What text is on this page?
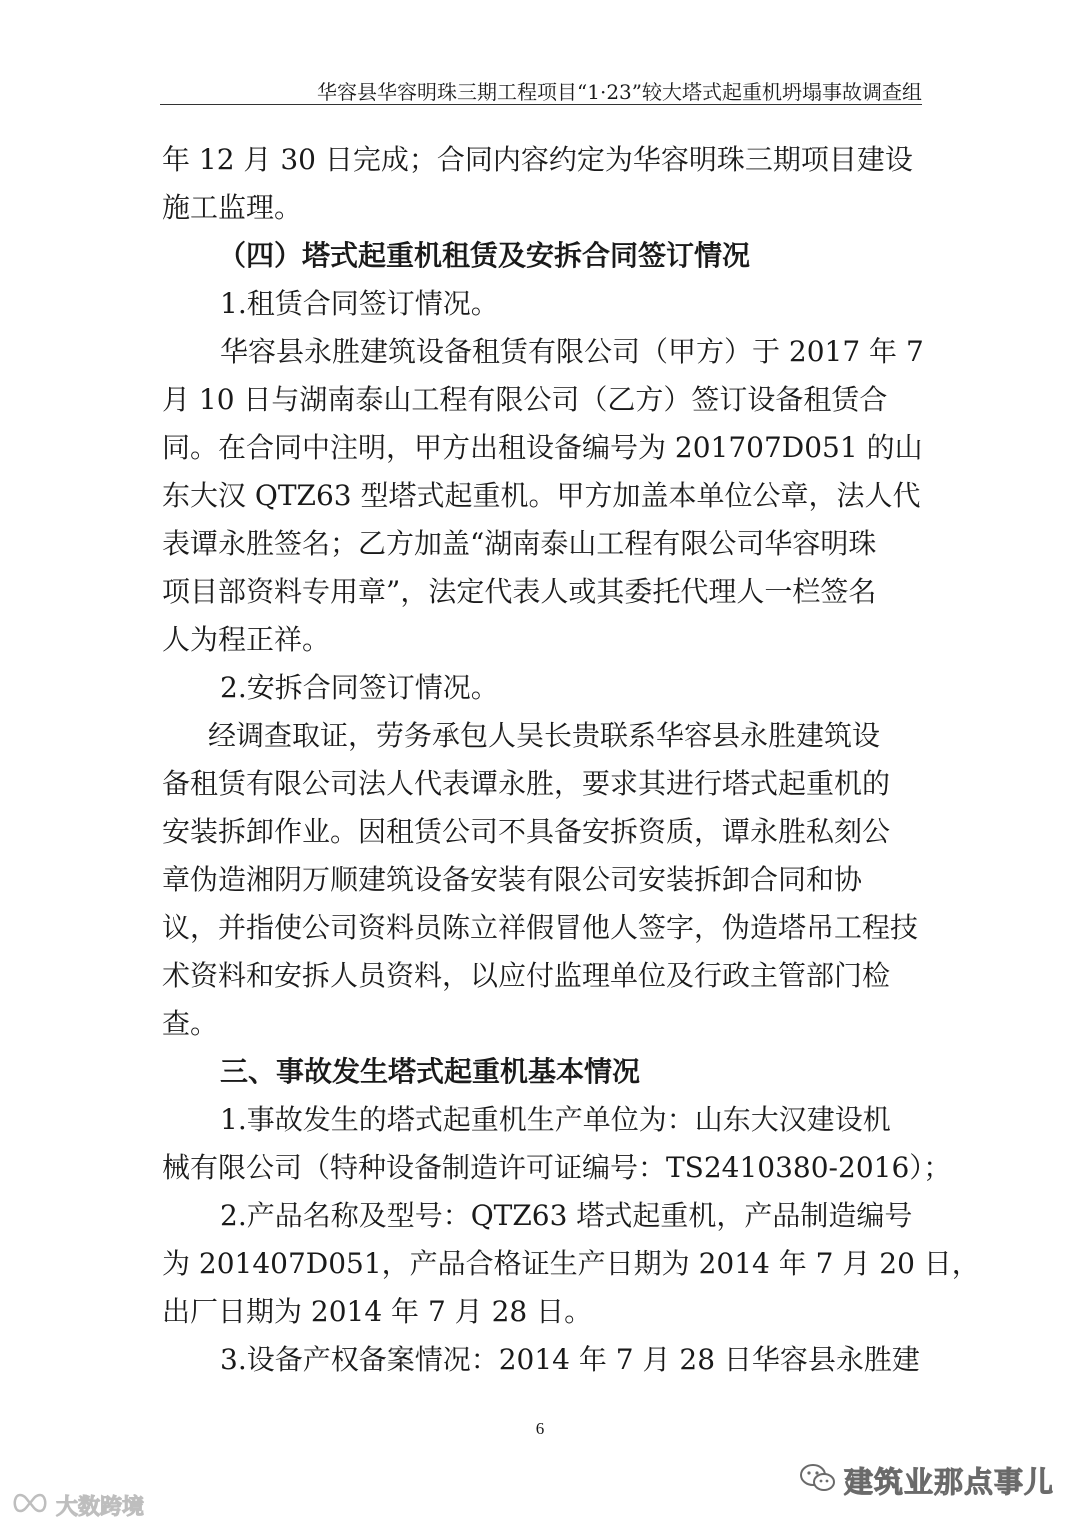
华容县华容明珠三期工程项目“1·23”较大塔式起重机坍塌事故调查组
年 12 月 30 日完成；合同内容约定为华容明珠三期项目建设
施工监理。
（四）塔式起重机租赁及安拆合同签订情况
1.租赁合同签订情况。
华容县永胜建筑设备租赁有限公司（甲方）于 2017 年 7
月 10 日与湖南泰山工程有限公司（乙方）签订设备租赁合
同。在合同中注明，甲方出租设备编号为 201707D051 的山
东大汉 QTZ63 型塔式起重机。甲方加盖本单位公章，法人代
表谭永胜签名；乙方加盖“湖南泰山工程有限公司华容明珠
项目部资料专用章”，法定代表人或其委托代理人一栏签名
人为程正祥。
2.安拆合同签订情况。
经调查取证，劳务承包人吴长贵联系华容县永胜建筑设
备租赁有限公司法人代表谭永胜，要求其进行塔式起重机的
安装拆卸作业。因租赁公司不具备安拆资质，谭永胜私刻公
章伪造湘阴万顺建筑设备安装有限公司安装拆卸合同和协
议，并指使公司资料员陈立祥假冒他人签字，伪造塔吊工程技
术资料和安拆人员资料，以应付监理单位及行政主管部门检
查。
三、事故发生塔式起重机基本情况
1.事故发生的塔式起重机生产单位为：山东大汉建设机
械有限公司（特种设备制造许可证编号：TS2410380-2016）；
2.产品名称及型号：QTZ63 塔式起重机，产品制造编号
为 201407D051，产品合格证生产日期为 2014 年 7 月 20 日，
出厂日期为 2014 年 7 月 28 日。
3.设备产权备案情况：2014 年 7 月 28 日华容县永胜建
6
大数跨境
建筑业那点事儿
